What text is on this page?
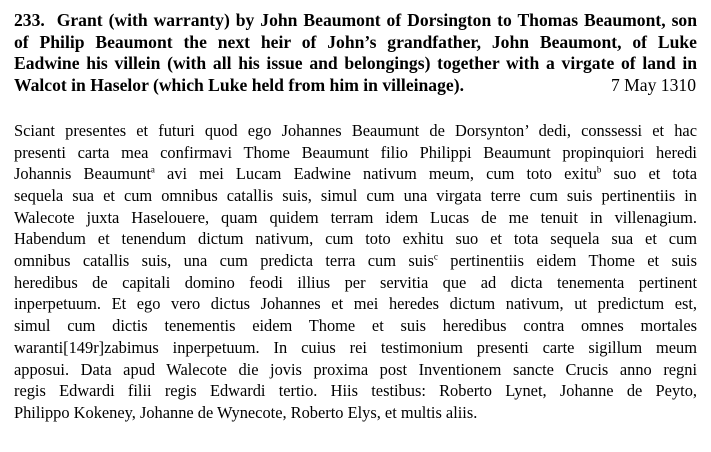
233. Grant (with warranty) by John Beaumont of Dorsington to Thomas Beaumont, son
of Philip Beaumont the next heir of John’s grandfather, John Beaumont, of Luke
Eadwine his villein (with all his issue and belongings) together with a virgate of land in
Walcot in Haselor (which Luke held from him in villeinage).	7 May 1310
Sciant presentes et futuri quod ego Johannes Beaumunt de Dorsynton’ dedi, conssessi et hac
presenti carta mea confirmavi Thome Beaumunt filio Philippi Beaumunt propinquiori heredi
Johannis Beaumunt$^a$ avi mei Lucam Eadwine nativum meum, cum toto exitu$^b$ suo et tota
sequela sua et cum omnibus catallis suis, simul cum una virgata terre cum suis pertinentiis in
Walecote juxta Haselouere, quam quidem terram idem Lucas de me tenuit in villenagium.
Habendum et tenendum dictum nativum, cum toto exhitu suo et tota sequela sua et cum
omnibus catallis suis, una cum predicta terra cum suis$^c$ pertinentiis eidem Thome et suis
heredibus de capitali domino feodi illius per servitia que ad dicta tenementa pertinent
inperpetuum. Et ego vero dictus Johannes et mei heredes dictum nativum, ut predictum est,
simul cum dictis tenementis eidem Thome et suis heredibus contra omnes mortales
waranti[149r]zabimus inperpetuum. In cuius rei testimonium presenti carte sigillum meum
apposui. Data apud Walecote die jovis proxima post Inventionem sancte Crucis anno regni
regis Edwardi filii regis Edwardi tertio. Hiis testibus: Roberto Lynet, Johanne de Peyto,
Philippo Kokeney, Johanne de Wynecote, Roberto Elys, et multis aliis.
